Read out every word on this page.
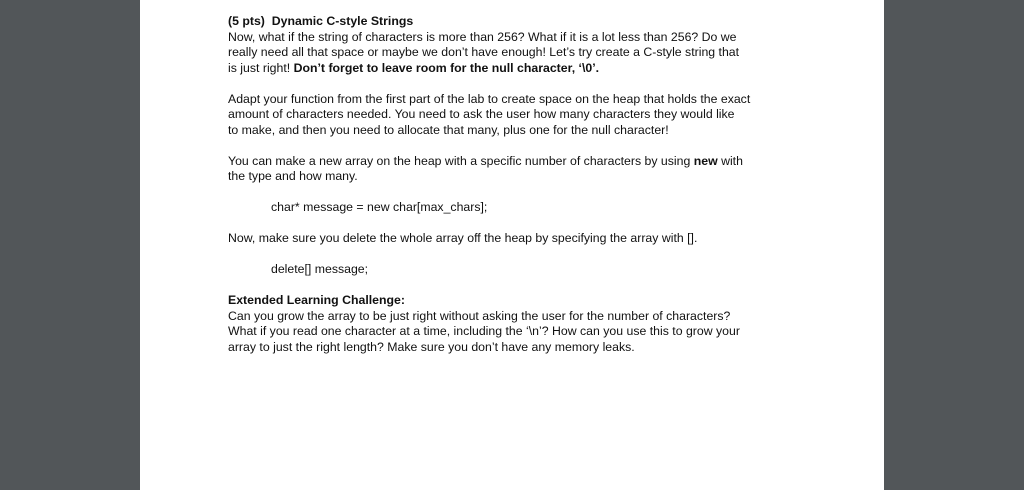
(5 pts) Dynamic C-style Strings

Now, what if the string of characters is more than 256? What if it is a lot less than 256? Do we

really need all that space or maybe we don’t have enough! Let’s try create a C-style string that

is just right! Don’t forget to leave room for the null character, ‘\0’.

Adapt your function from the first part of the lab to create space on the heap that holds the exact

amount of characters needed. You need to ask the user how many characters they would like

to make, and then you need to allocate that many, plus one for the null character!

You can make a new array on the heap with a specific number of characters by using new with

the type and how many.

char* message = new char[max_chars];

Now, make sure you delete the whole array off the heap by specifying the array with [].

delete[] message;

Extended Learning Challenge:

Can you grow the array to be just right without asking the user for the number of characters?

What if you read one character at a time, including the ‘\n’? How can you use this to grow your

array to just the right length? Make sure you don’t have any memory leaks.
